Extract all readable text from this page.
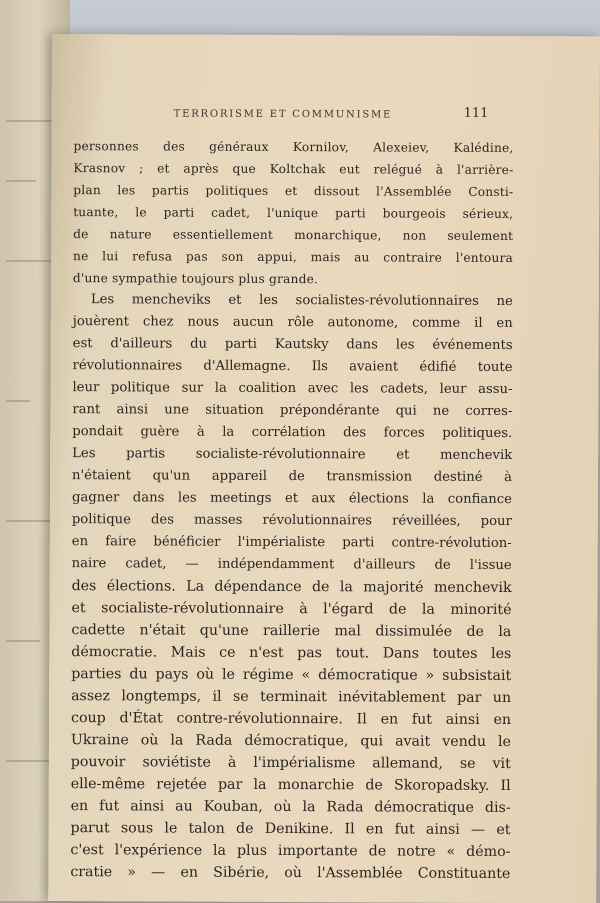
TERRORISME ET COMMUNISME	111
personnes des généraux Kornilov, Alexeiev, Kalédine,
Krasnov ; et après que Koltchak eut relégué à l'arrière-
plan les partis politiques et dissout l'Assemblée Consti-
tuante, le parti cadet, l'unique parti bourgeois sérieux,
de nature essentiellement monarchique, non seulement
ne lui refusa pas son appui, mais au contraire l'entoura
d'une sympathie toujours plus grande.
Les mencheviks et les socialistes-révolutionnaires ne
jouèrent chez nous aucun rôle autonome, comme il en
est d'ailleurs du parti Kautsky dans les événements
révolutionnaires d'Allemagne. Ils avaient édifié toute
leur politique sur la coalition avec les cadets, leur assu-
rant ainsi une situation prépondérante qui ne corres-
pondait guère à la corrélation des forces politiques.
Les partis socialiste-révolutionnaire et menchevik
n'étaient qu'un appareil de transmission destiné à
gagner dans les meetings et aux élections la confiance
politique des masses révolutionnaires réveillées, pour
en faire bénéficier l'impérialiste parti contre-révolution-
naire cadet, — indépendamment d'ailleurs de l'issue
des élections. La dépendance de la majorité menchevik
et socialiste-révolutionnaire à l'égard de la minorité
cadette n'était qu'une raillerie mal dissimulée de la
démocratie. Mais ce n'est pas tout. Dans toutes les
parties du pays où le régime « démocratique » subsistait
assez longtemps, il se terminait inévitablement par un
coup d'État contre-révolutionnaire. Il en fut ainsi en
Ukraine où la Rada démocratique, qui avait vendu le
pouvoir soviétiste à l'impérialisme allemand, se vit
elle-même rejetée par la monarchie de Skoropadsky. Il
en fut ainsi au Kouban, où la Rada démocratique dis-
parut sous le talon de Denikine. Il en fut ainsi — et
c'est l'expérience la plus importante de notre « démo-
cratie » — en Sibérie, où l'Assemblée Constituante
